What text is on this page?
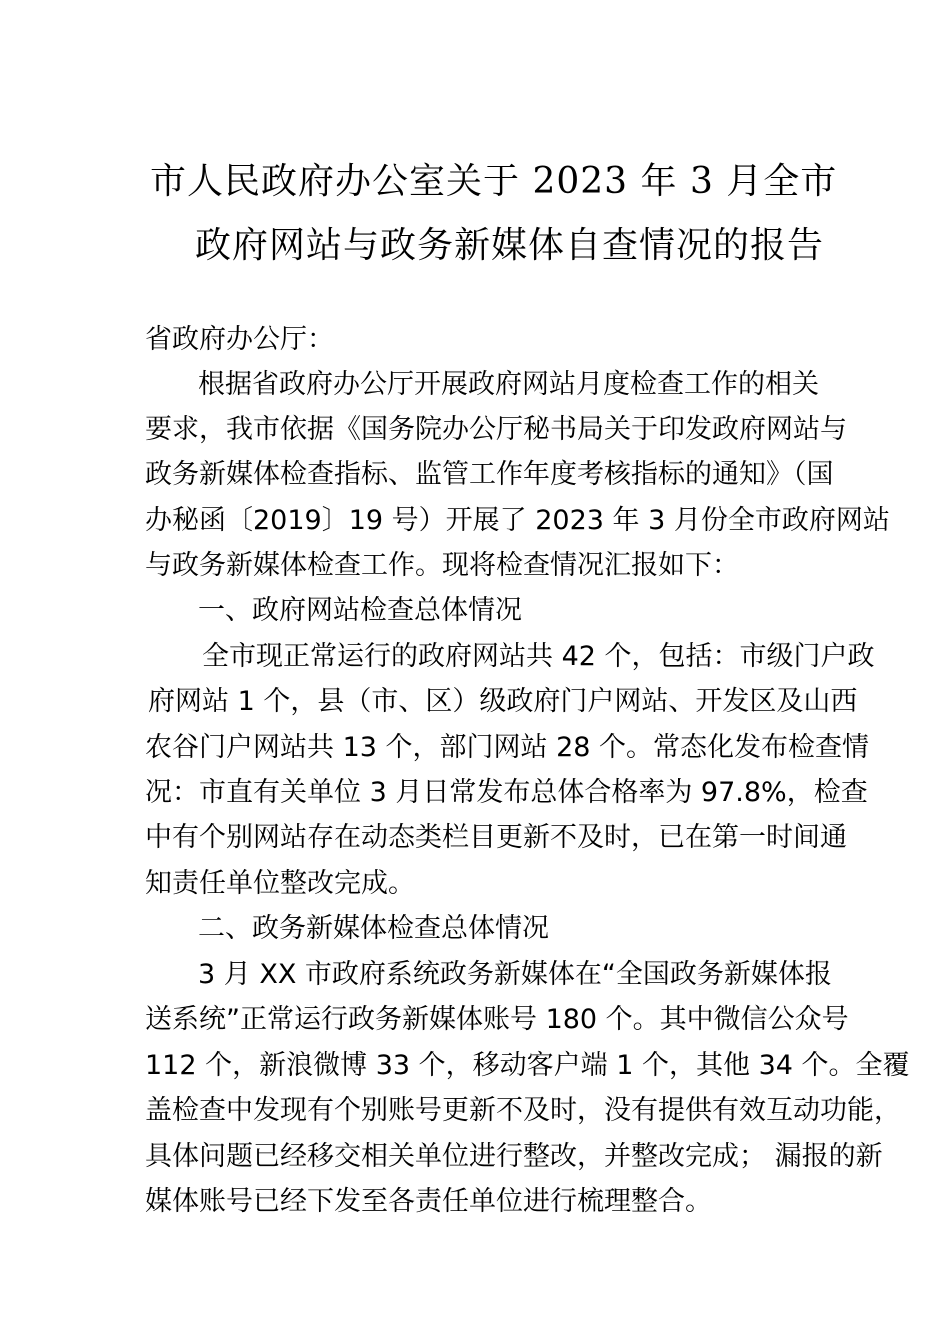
市人民政府办公室关于 2023 年 3 月全市
政府网站与政务新媒体自查情况的报告
省政府办公厅：
根据省政府办公厅开展政府网站月度检查工作的相关
要求，我市依据《国务院办公厅秘书局关于印发政府网站与
政务新媒体检查指标、监管工作年度考核指标的通知》（国
办秘函〔2019〕19 号）开展了 2023 年 3 月份全市政府网站
与政务新媒体检查工作。现将检查情况汇报如下：
一、政府网站检查总体情况
全市现正常运行的政府网站共 42 个，包括：市级门户政
府网站 1 个，县（市、区）级政府门户网站、开发区及山西
农谷门户网站共 13 个，部门网站 28 个。常态化发布检查情
况：市直有关单位 3 月日常发布总体合格率为 97.8%，检查
中有个别网站存在动态类栏目更新不及时，已在第一时间通
知责任单位整改完成。
二、政务新媒体检查总体情况
3 月 XX 市政府系统政务新媒体在“全国政务新媒体报
送系统”正常运行政务新媒体账号 180 个。其中微信公众号
112 个，新浪微博 33 个，移动客户端 1 个，其他 34 个。全覆
盖检查中发现有个别账号更新不及时，没有提供有效互动功能，
具体问题已经移交相关单位进行整改，并整改完成； 漏报的新
媒体账号已经下发至各责任单位进行梳理整合。
